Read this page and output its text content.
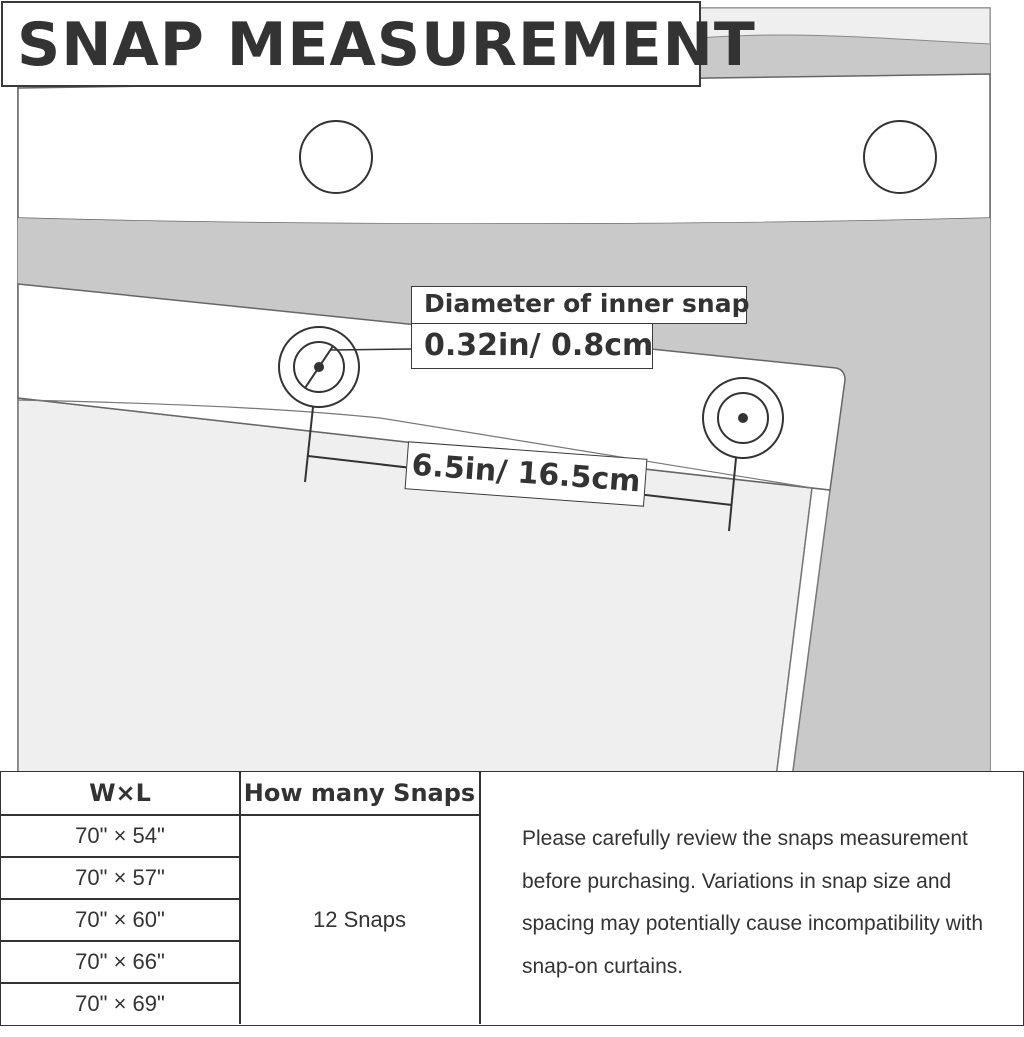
SNAP MEASUREMENT
Diameter of inner snap
0.32in/ 0.8cm
6.5in/ 16.5cm
W×L	How many Snaps
70" × 54"
70" × 57"
70" × 60"
70" × 66"
70" × 69"
12 Snaps
Please carefully review the snaps measurement before purchasing. Variations in snap size and spacing may potentially cause incompatibility with snap-on curtains.
